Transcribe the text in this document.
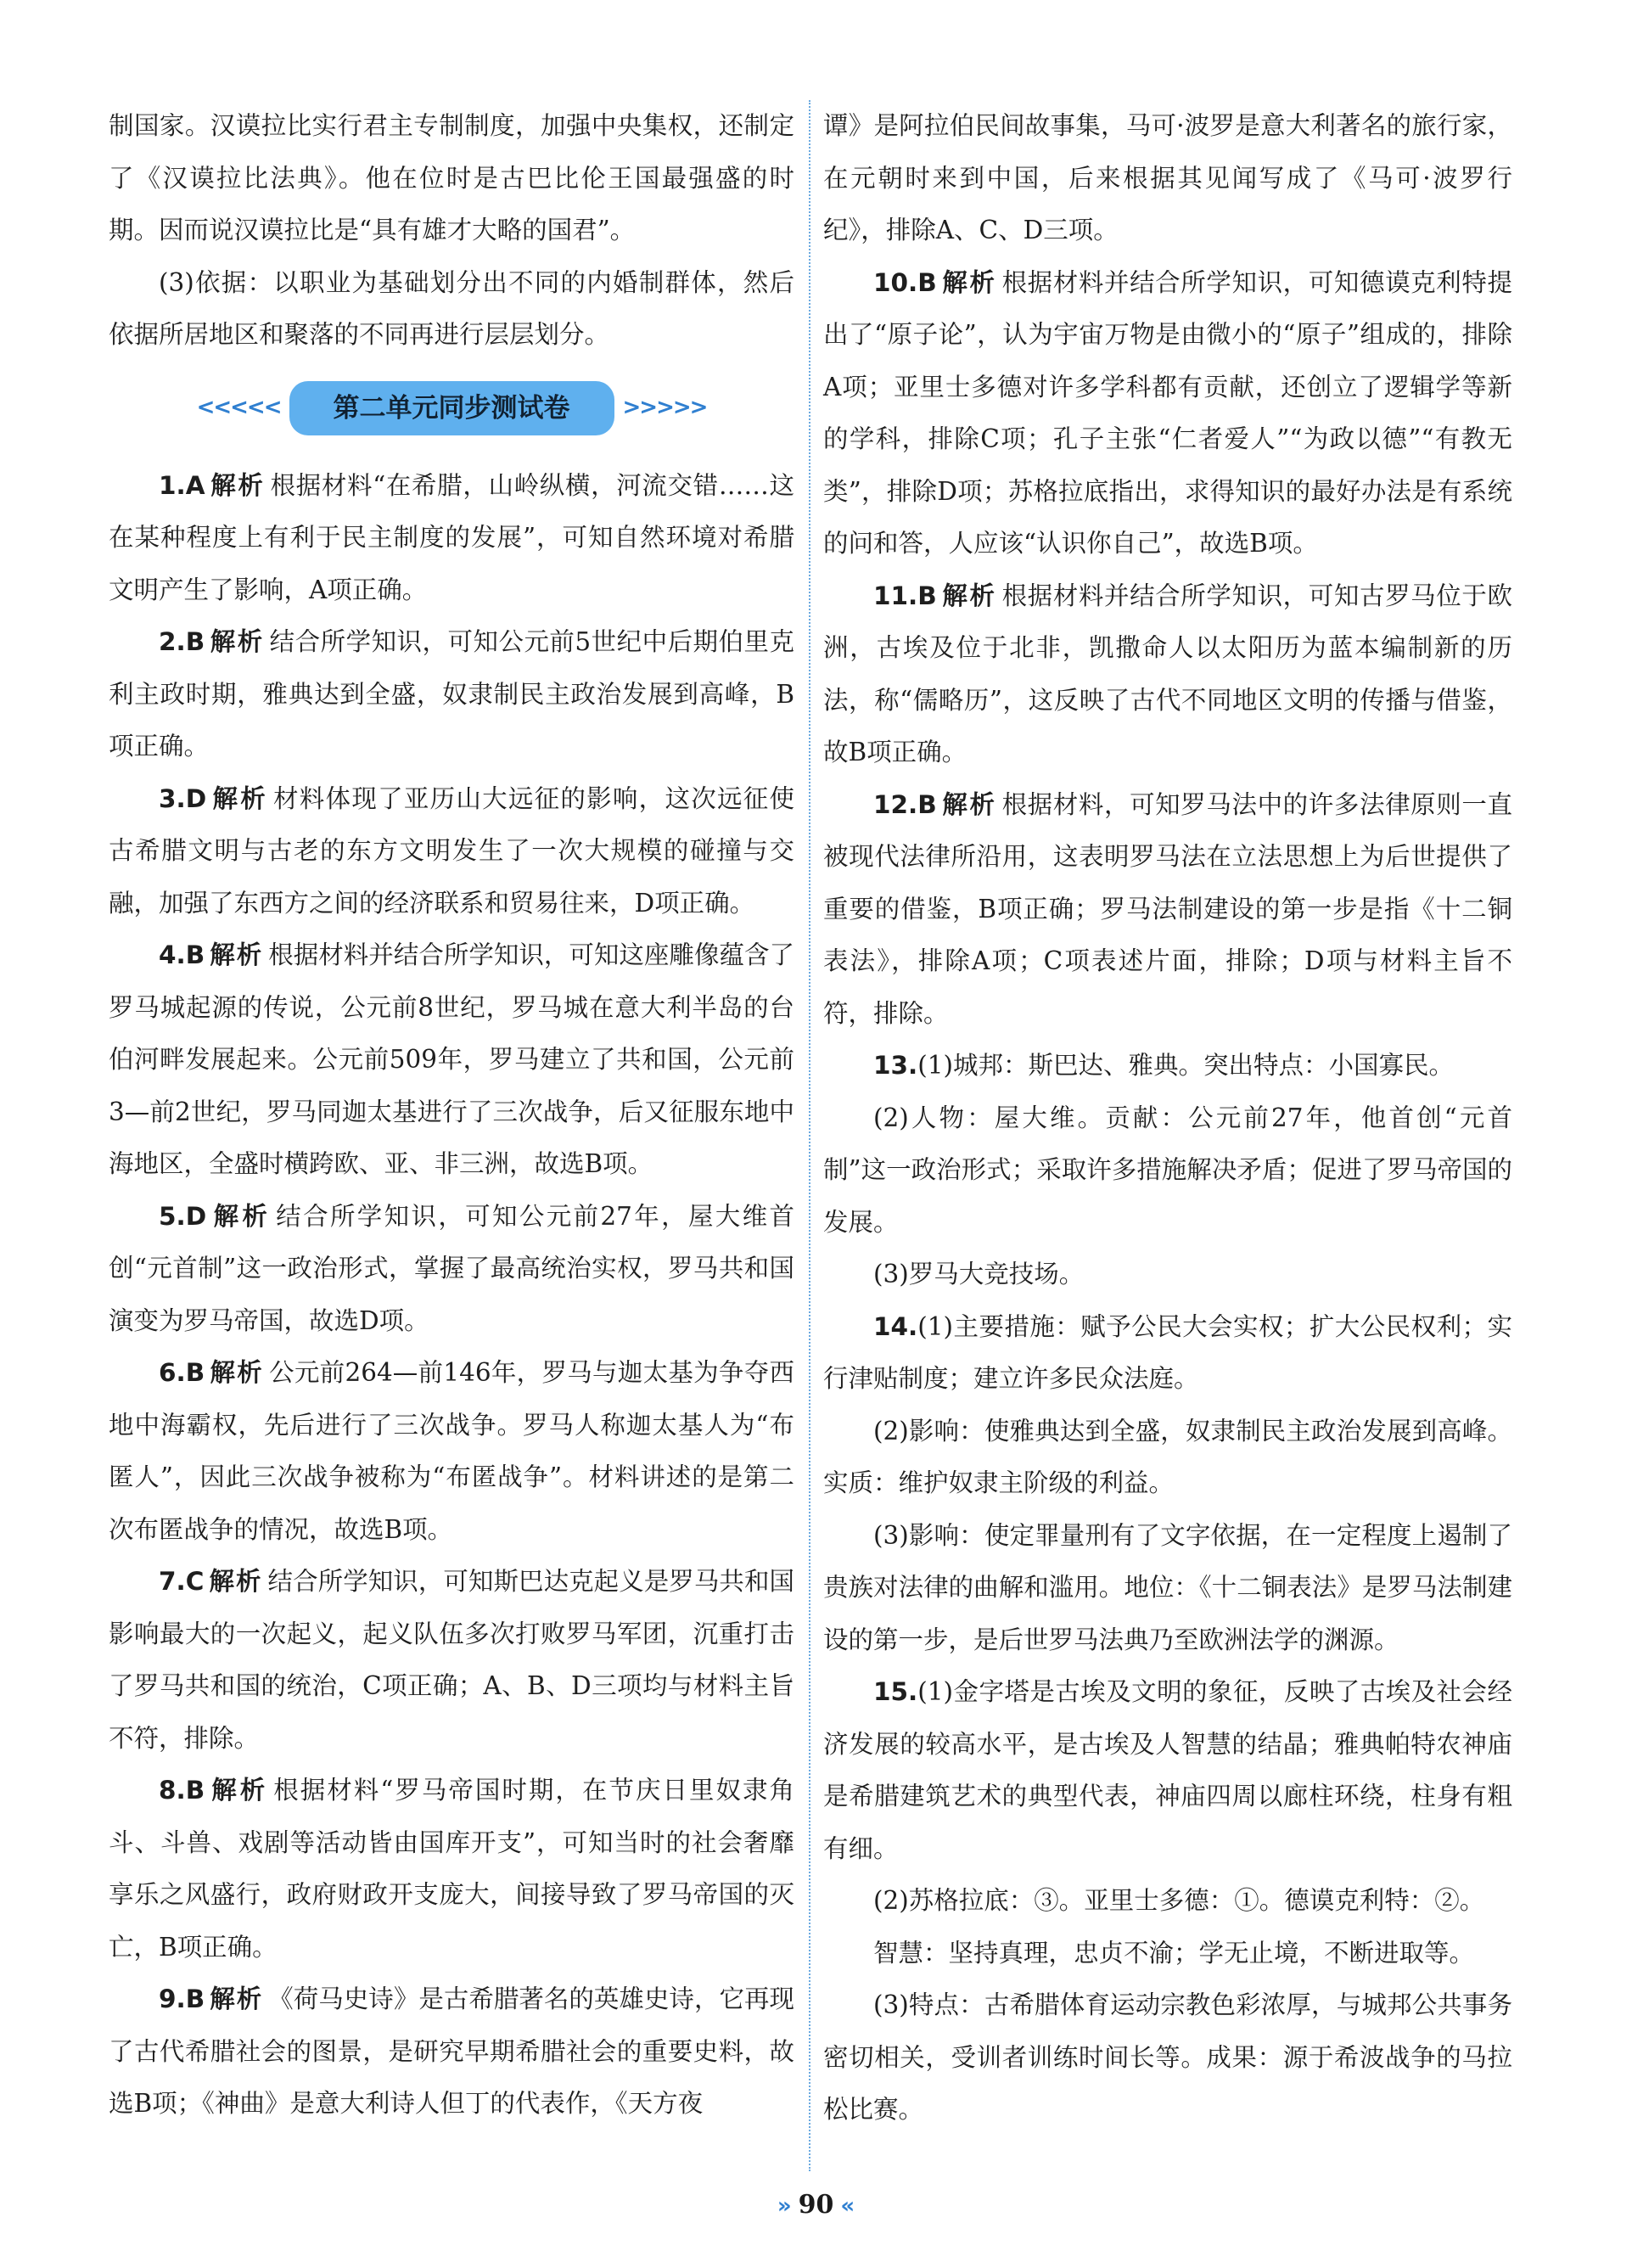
制国家。汉谟拉比实行君主专制制度，加强中央集权，还制定了《汉谟拉比法典》。他在位时是古巴比伦王国最强盛的时期。因而说汉谟拉比是“具有雄才大略的国君”。

(3)依据：以职业为基础划分出不同的内婚制群体，然后依据所居地区和聚落的不同再进行层层划分。

<<<<<	第二单元同步测试卷	>>>>>

1.A 解析 根据材料“在希腊，山岭纵横，河流交错……这在某种程度上有利于民主制度的发展”，可知自然环境对希腊文明产生了影响，A项正确。

2.B 解析 结合所学知识，可知公元前5世纪中后期伯里克利主政时期，雅典达到全盛，奴隶制民主政治发展到高峰，B项正确。

3.D 解析 材料体现了亚历山大远征的影响，这次远征使古希腊文明与古老的东方文明发生了一次大规模的碰撞与交融，加强了东西方之间的经济联系和贸易往来，D项正确。

4.B 解析 根据材料并结合所学知识，可知这座雕像蕴含了罗马城起源的传说，公元前8世纪，罗马城在意大利半岛的台伯河畔发展起来。公元前509年，罗马建立了共和国，公元前3—前2世纪，罗马同迦太基进行了三次战争，后又征服东地中海地区，全盛时横跨欧、亚、非三洲，故选B项。

5.D 解析 结合所学知识，可知公元前27年，屋大维首创“元首制”这一政治形式，掌握了最高统治实权，罗马共和国演变为罗马帝国，故选D项。

6.B 解析 公元前264—前146年，罗马与迦太基为争夺西地中海霸权，先后进行了三次战争。罗马人称迦太基人为“布匿人”，因此三次战争被称为“布匿战争”。材料讲述的是第二次布匿战争的情况，故选B项。

7.C 解析 结合所学知识，可知斯巴达克起义是罗马共和国影响最大的一次起义，起义队伍多次打败罗马军团，沉重打击了罗马共和国的统治，C项正确；A、B、D三项均与材料主旨不符，排除。

8.B 解析 根据材料“罗马帝国时期，在节庆日里奴隶角斗、斗兽、戏剧等活动皆由国库开支”，可知当时的社会奢靡享乐之风盛行，政府财政开支庞大，间接导致了罗马帝国的灭亡，B项正确。

9.B 解析 《荷马史诗》是古希腊著名的英雄史诗，它再现了古代希腊社会的图景，是研究早期希腊社会的重要史料，故选B项；《神曲》是意大利诗人但丁的代表作，《天方夜

谭》是阿拉伯民间故事集，马可·波罗是意大利著名的旅行家，在元朝时来到中国，后来根据其见闻写成了《马可·波罗行纪》，排除A、C、D三项。

10.B 解析 根据材料并结合所学知识，可知德谟克利特提出了“原子论”，认为宇宙万物是由微小的“原子”组成的，排除A项；亚里士多德对许多学科都有贡献，还创立了逻辑学等新的学科，排除C项；孔子主张“仁者爱人”“为政以德”“有教无类”，排除D项；苏格拉底指出，求得知识的最好办法是有系统的问和答，人应该“认识你自己”，故选B项。

11.B 解析 根据材料并结合所学知识，可知古罗马位于欧洲，古埃及位于北非，凯撒命人以太阳历为蓝本编制新的历法，称“儒略历”，这反映了古代不同地区文明的传播与借鉴，故B项正确。

12.B 解析 根据材料，可知罗马法中的许多法律原则一直被现代法律所沿用，这表明罗马法在立法思想上为后世提供了重要的借鉴，B项正确；罗马法制建设的第一步是指《十二铜表法》，排除A项；C项表述片面，排除；D项与材料主旨不符，排除。

13.(1)城邦：斯巴达、雅典。突出特点：小国寡民。

(2)人物：屋大维。贡献：公元前27年，他首创“元首制”这一政治形式；采取许多措施解决矛盾；促进了罗马帝国的发展。

(3)罗马大竞技场。

14.(1)主要措施：赋予公民大会实权；扩大公民权利；实行津贴制度；建立许多民众法庭。

(2)影响：使雅典达到全盛，奴隶制民主政治发展到高峰。实质：维护奴隶主阶级的利益。

(3)影响：使定罪量刑有了文字依据，在一定程度上遏制了贵族对法律的曲解和滥用。地位：《十二铜表法》是罗马法制建设的第一步，是后世罗马法典乃至欧洲法学的渊源。

15.(1)金字塔是古埃及文明的象征，反映了古埃及社会经济发展的较高水平，是古埃及人智慧的结晶；雅典帕特农神庙是希腊建筑艺术的典型代表，神庙四周以廊柱环绕，柱身有粗有细。

(2)苏格拉底：③。亚里士多德：①。德谟克利特：②。

智慧：坚持真理，忠贞不渝；学无止境，不断进取等。

(3)特点：古希腊体育运动宗教色彩浓厚，与城邦公共事务密切相关，受训者训练时间长等。成果：源于希波战争的马拉松比赛。

» 90 «
